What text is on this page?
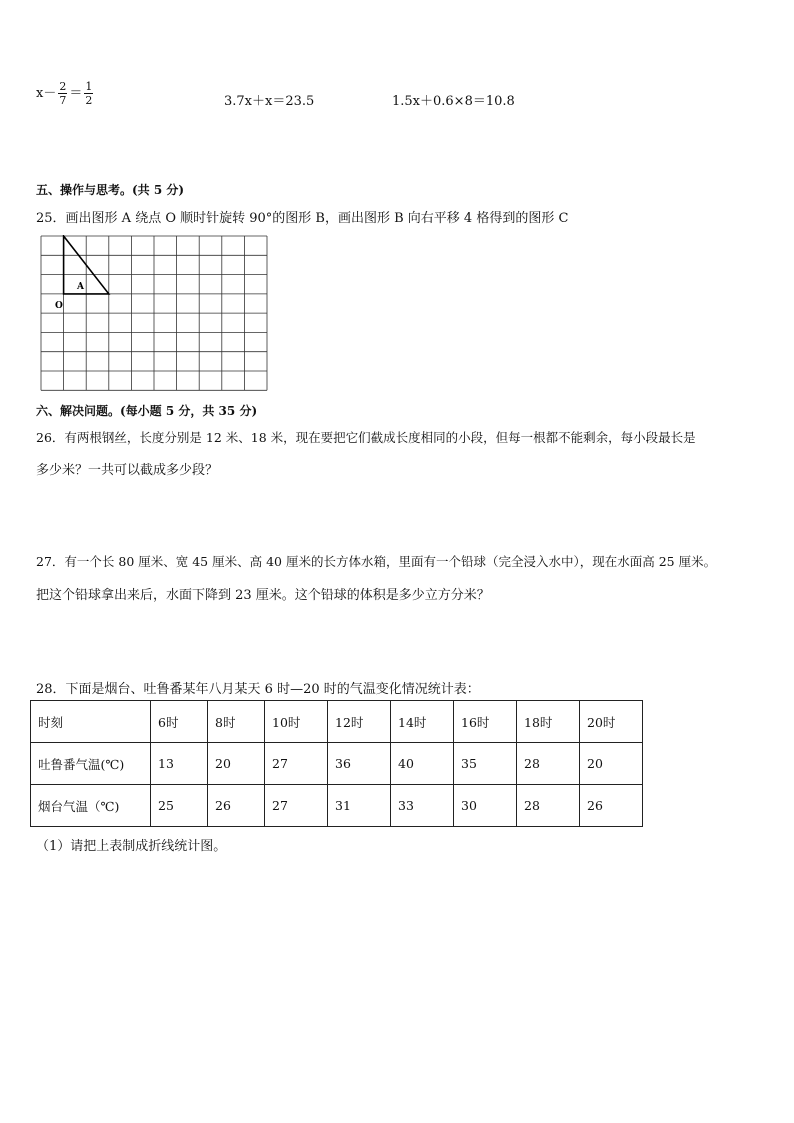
$x- \frac{2}{7} = \frac{1}{2}$	3.7x＋x＝23.5	1.5x＋0.6×8＝10.8
五、操作与思考。(共 5 分)
25．画出图形 A 绕点 O 顺时针旋转 90°的图形 B，画出图形 B 向右平移 4 格得到的图形 C
A
O
六、解决问题。(每小题 5 分，共 35 分)
26．有两根钢丝，长度分别是 12 米、18 米，现在要把它们截成长度相同的小段，但每一根都不能剩余，每小段最长是
多少米？一共可以截成多少段？
27．有一个长 80 厘米、宽 45 厘米、高 40 厘米的长方体水箱，里面有一个铅球（完全浸入水中），现在水面高 25 厘米。
把这个铅球拿出来后，水面下降到 23 厘米。这个铅球的体积是多少立方分米？
28．下面是烟台、吐鲁番某年八月某天 6 时—20 时的气温变化情况统计表：
时刻	6时	8时	10时	12时	14时	16时	18时	20时
吐鲁番气温(℃)	13	20	27	36	40	35	28	20
烟台气温（℃)	25	26	27	31	33	30	28	26
（1）请把上表制成折线统计图。
